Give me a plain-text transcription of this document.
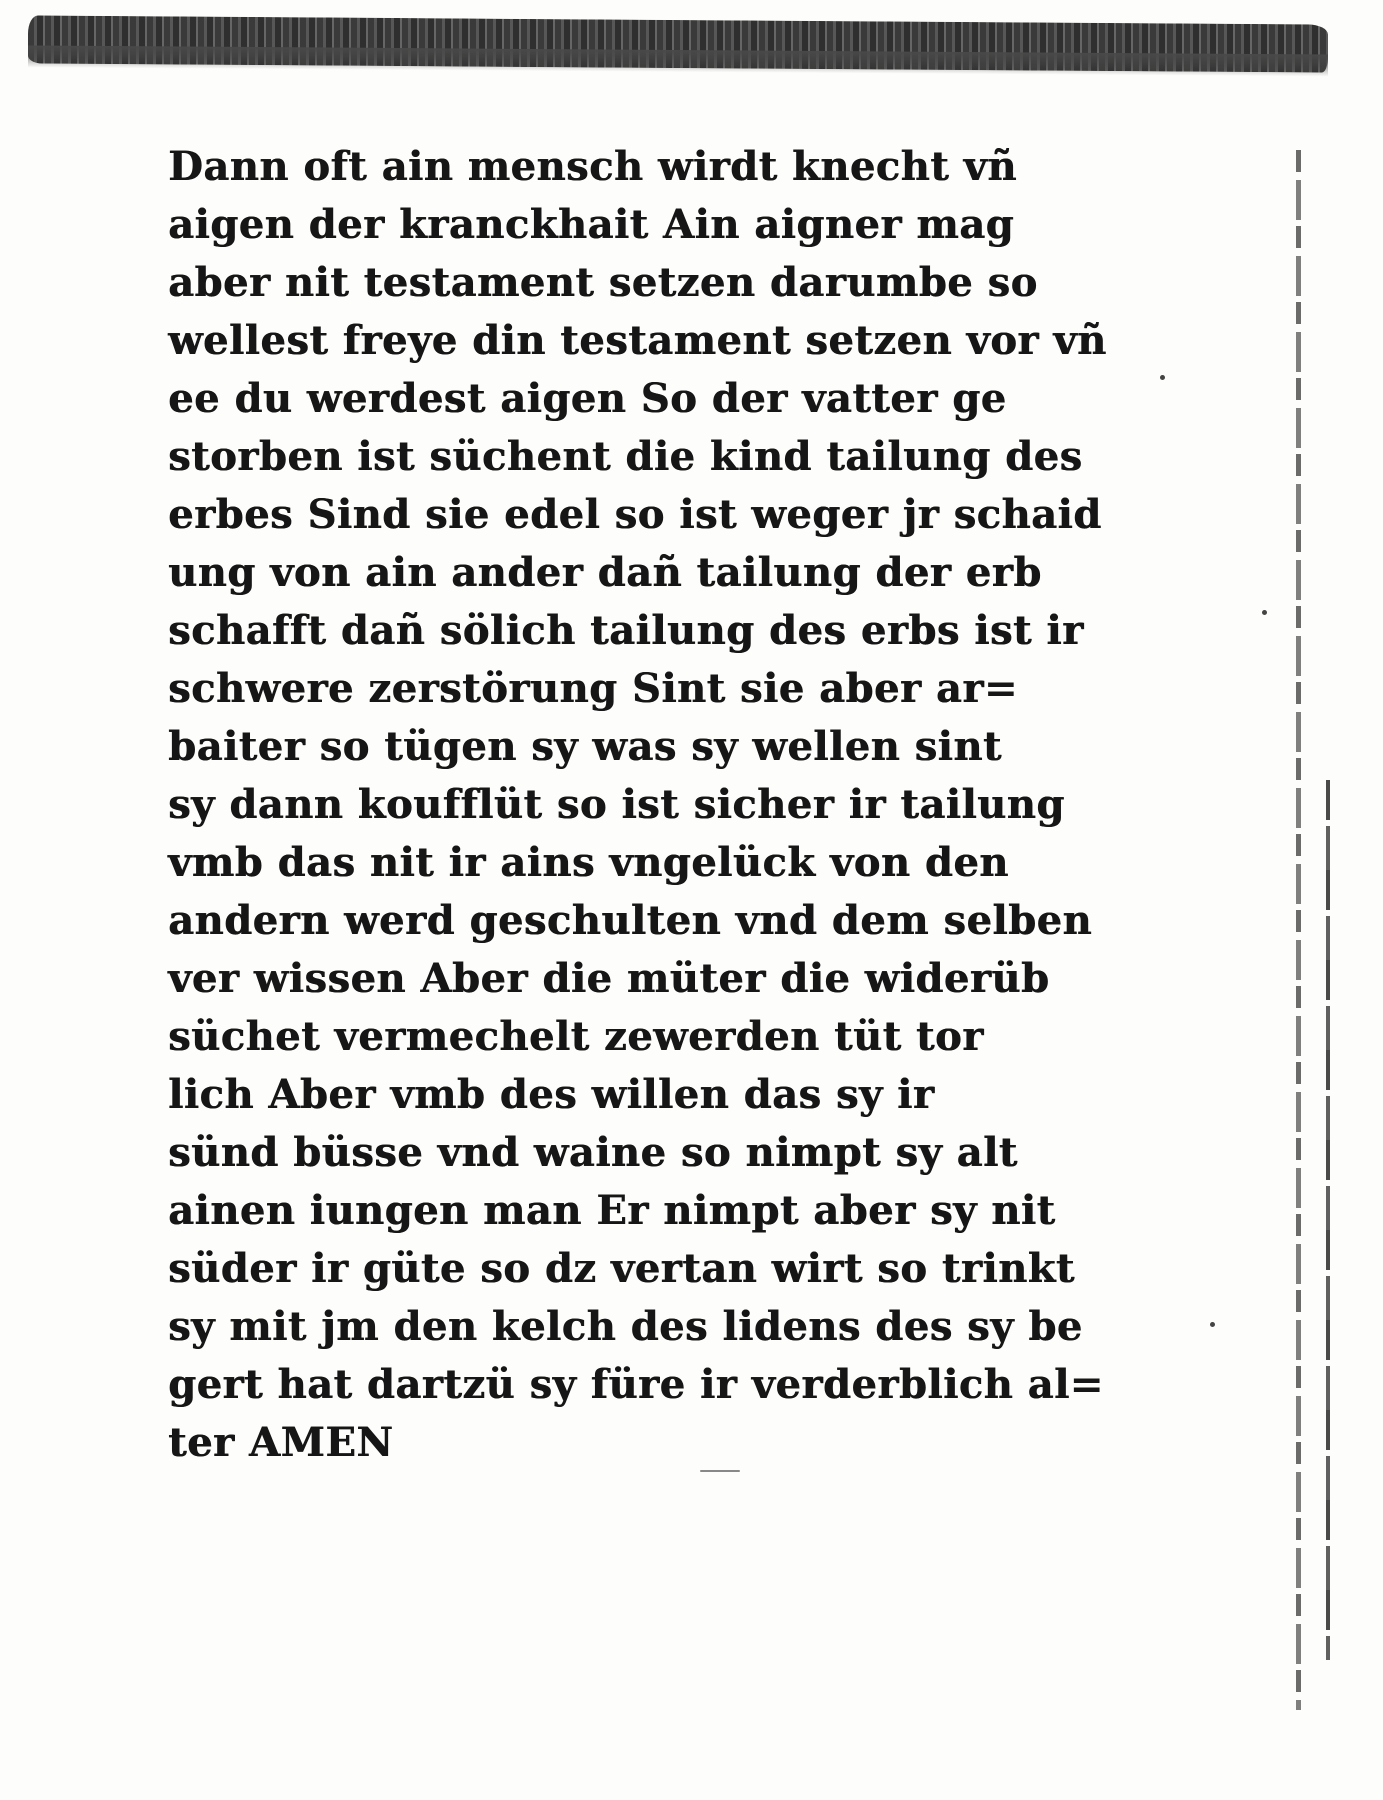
Dann oft ain mensch wirdt knecht vñ
aigen der kranckhait Ain aigner mag
aber nit testament setzen darumbe so
wellest freye din testament setzen vor vñ
ee du werdest aigen So der vatter ge
storben ist süchent die kind tailung des
erbes Sind sie edel so ist weger jr schaid
ung von ain ander dañ tailung der erb
schafft dañ sölich tailung des erbs ist ir
schwere zerstörung Sint sie aber ar=
baiter so tügen sy was sy wellen sint
sy dann koufflüt so ist sicher ir tailung
vmb das nit ir ains vngelück von den
andern werd geschulten vnd dem selben
ver wissen Aber die müter die widerüb
süchet vermechelt zewerden tüt tor
lich Aber vmb des willen das sy ir
sünd büsse vnd waine so nimpt sy alt
ainen iungen man Er nimpt aber sy nit
süder ir güte so dz vertan wirt so trinkt
sy mit jm den kelch des lidens des sy be
gert hat dartzü sy füre ir verderblich al=
ter AMEN
